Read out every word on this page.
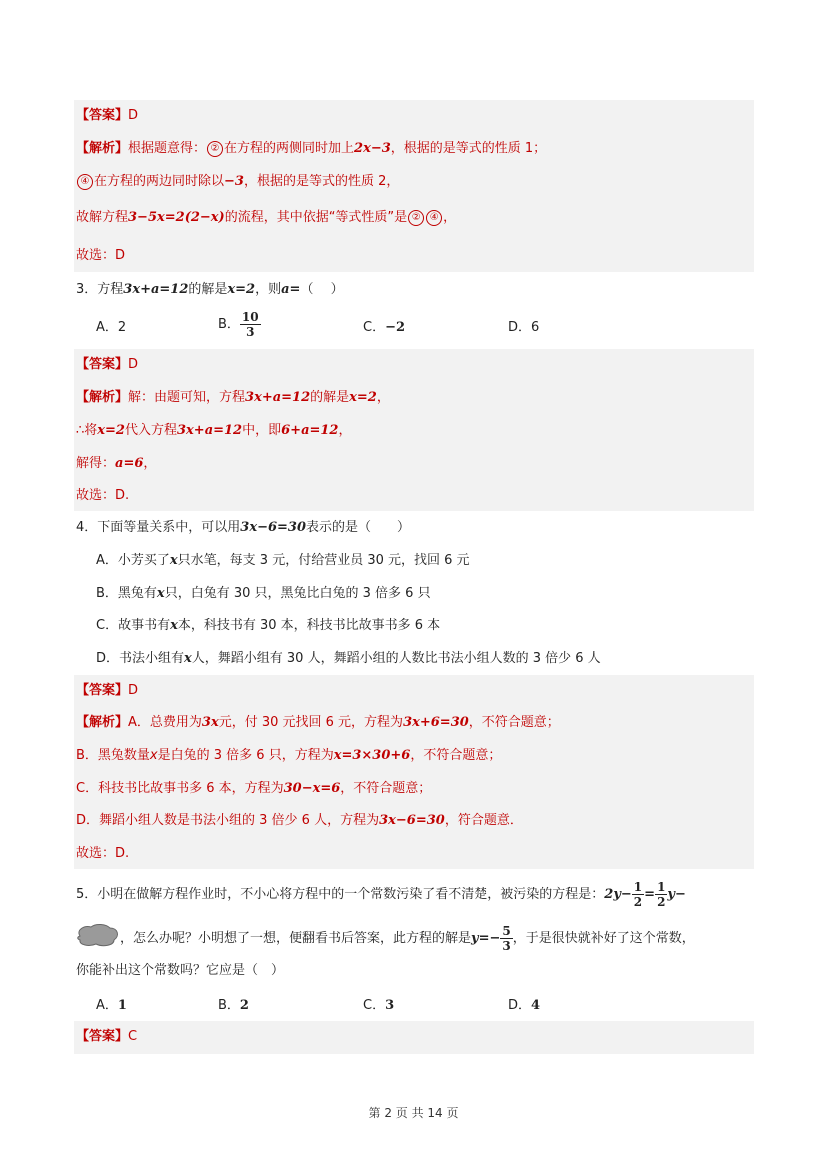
【答案】D
【解析】根据题意得： ② 在方程的两侧同时加上2x−3，根据的是等式的性质 1；
④ 在方程的两边同时除以−3，根据的是等式的性质 2，
故解方程3−5x=2(2−x)的流程，其中依据“等式性质”是 ② ④ ，
故选：D
3．方程3x+a=12的解是x=2，则a=（　 ）
A．2	B． $\frac{10}{3}$	C．−2	D．6
【答案】D
【解析】解：由题可知，方程3x+a=12的解是x=2，
∴将x=2代入方程3x+a=12中，即6+a=12，
解得：a=6，
故选：D.
4．下面等量关系中，可以用3x−6=30表示的是（　　）
A．小芳买了x只水笔，每支 3 元，付给营业员 30 元，找回 6 元
B．黑兔有x只，白兔有 30 只，黑兔比白兔的 3 倍多 6 只
C．故事书有x本，科技书有 30 本，科技书比故事书多 6 本
D．书法小组有x人，舞蹈小组有 30 人，舞蹈小组的人数比书法小组人数的 3 倍少 6 人
【答案】D
【解析】A．总费用为3x元，付 30 元找回 6 元，方程为3x+6=30，不符合题意；
B．黑兔数量x是白兔的 3 倍多 6 只，方程为x=3×30+6，不符合题意；
C．科技书比故事书多 6 本，方程为30−x=6，不符合题意；
D．舞蹈小组人数是书法小组的 3 倍少 6 人，方程为3x−6=30，符合题意．
故选：D.
5．小明在做解方程作业时，不小心将方程中的一个常数污染了看不清楚，被污染的方程是：$2y- \frac{1}{2} = \frac{1}{2} y-$
，怎么办呢？小明想了一想，便翻看书后答案，此方程的解是$y=- \frac{5}{3}$ ，于是很快就补好了这个常数，
你能补出这个常数吗？它应是（　）
A．1	B．2	C．3	D．4
【答案】C
第 2 页 共 14 页
